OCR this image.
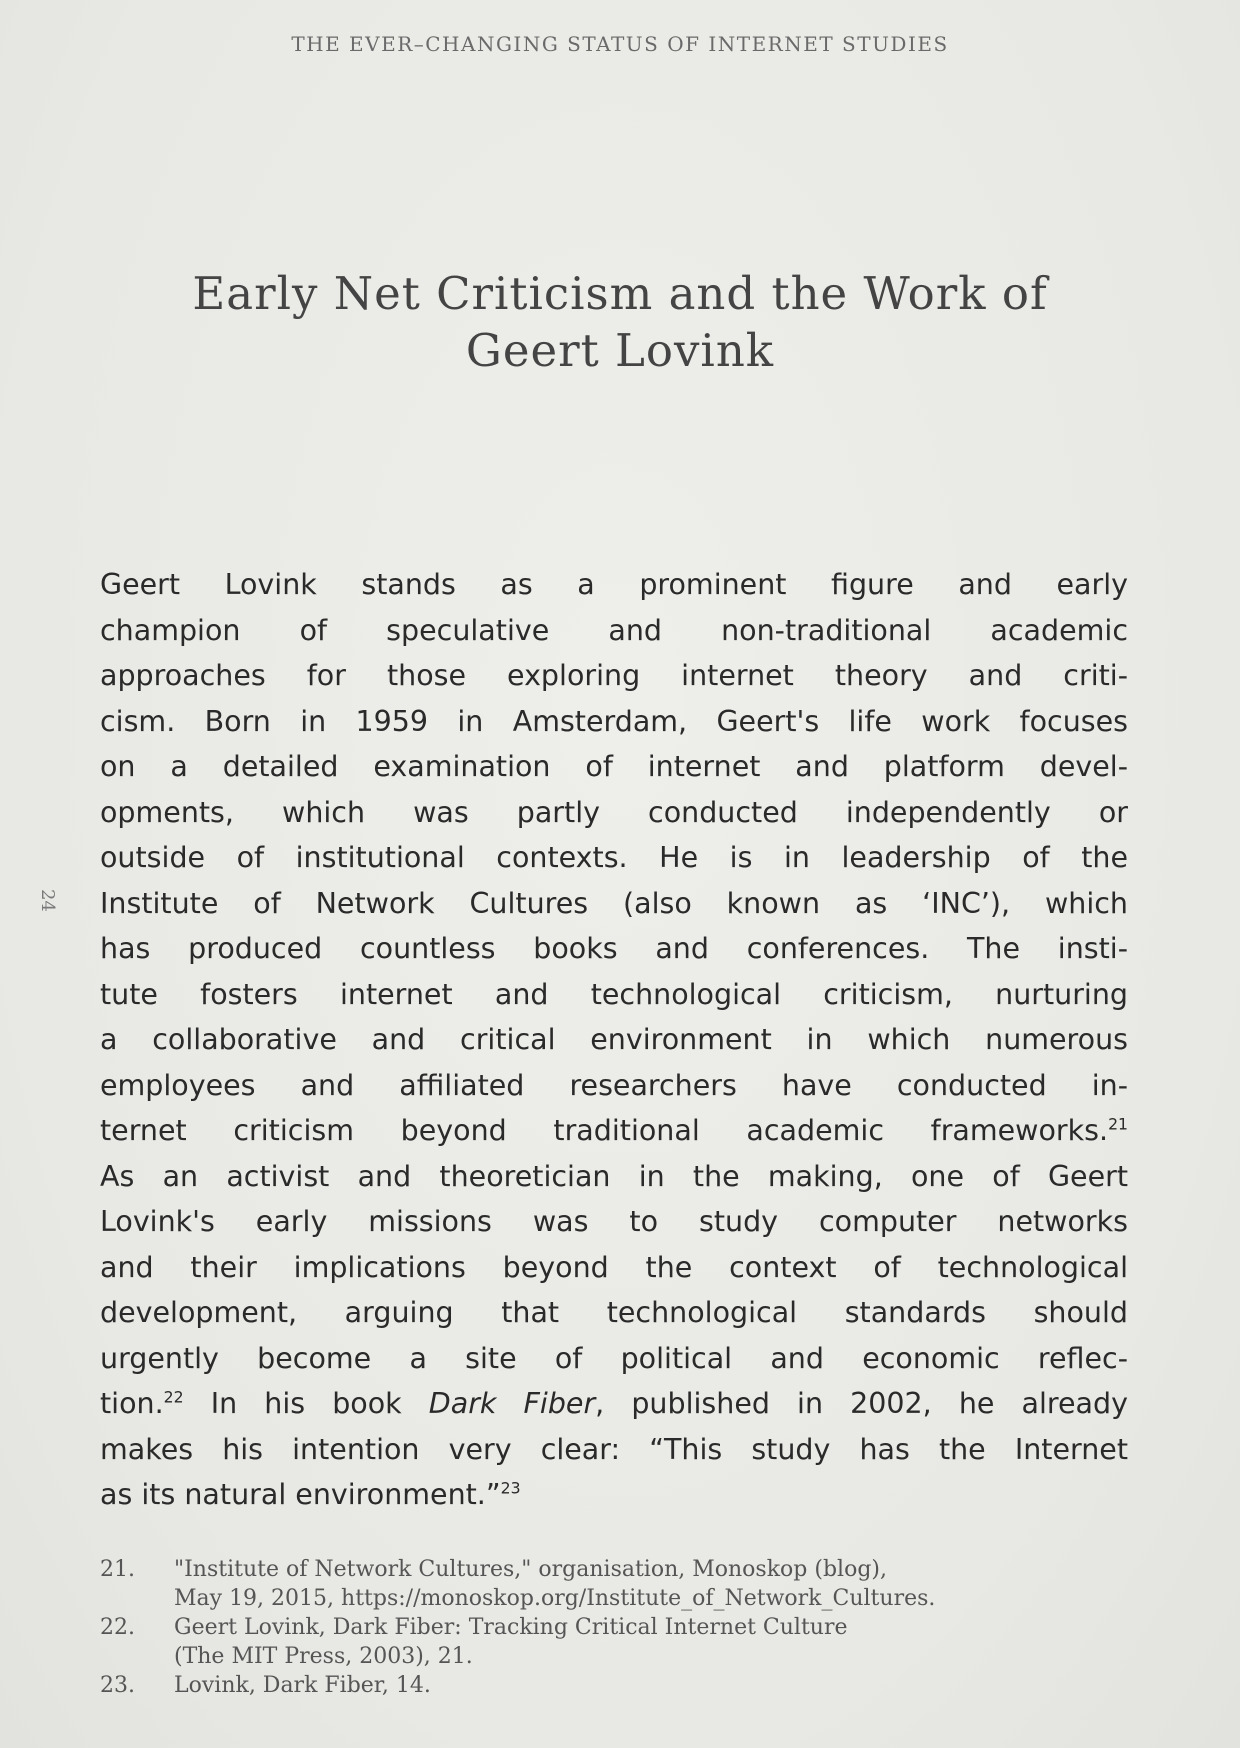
THE EVER–CHANGING STATUS OF INTERNET STUDIES
Early Net Criticism and the Work of
Geert Lovink
24
Geert Lovink stands as a prominent figure and early
champion of speculative and non-traditional academic
approaches for those exploring internet theory and criti-
cism. Born in 1959 in Amsterdam, Geert's life work focuses
on a detailed examination of internet and platform devel-
opments, which was partly conducted independently or
outside of institutional contexts. He is in leadership of the
Institute of Network Cultures (also known as ‘INC’), which
has produced countless books and conferences. The insti-
tute fosters internet and technological criticism, nurturing
a collaborative and critical environment in which numerous
employees and affiliated researchers have conducted in-
ternet criticism beyond traditional academic frameworks.$^{21}$
As an activist and theoretician in the making, one of Geert
Lovink's early missions was to study computer networks
and their implications beyond the context of technological
development, arguing that technological standards should
urgently become a site of political and economic reflec-
tion.$^{22}$ In his book Dark Fiber, published in 2002, he already
makes his intention very clear: “This study has the Internet
as its natural environment.”$^{23}$
21.	"Institute of Network Cultures," organisation, Monoskop (blog),
May 19, 2015, https://monoskop.org/Institute_of_Network_Cultures.
22.	Geert Lovink, Dark Fiber: Tracking Critical Internet Culture
(The MIT Press, 2003), 21.
23.	Lovink, Dark Fiber, 14.
